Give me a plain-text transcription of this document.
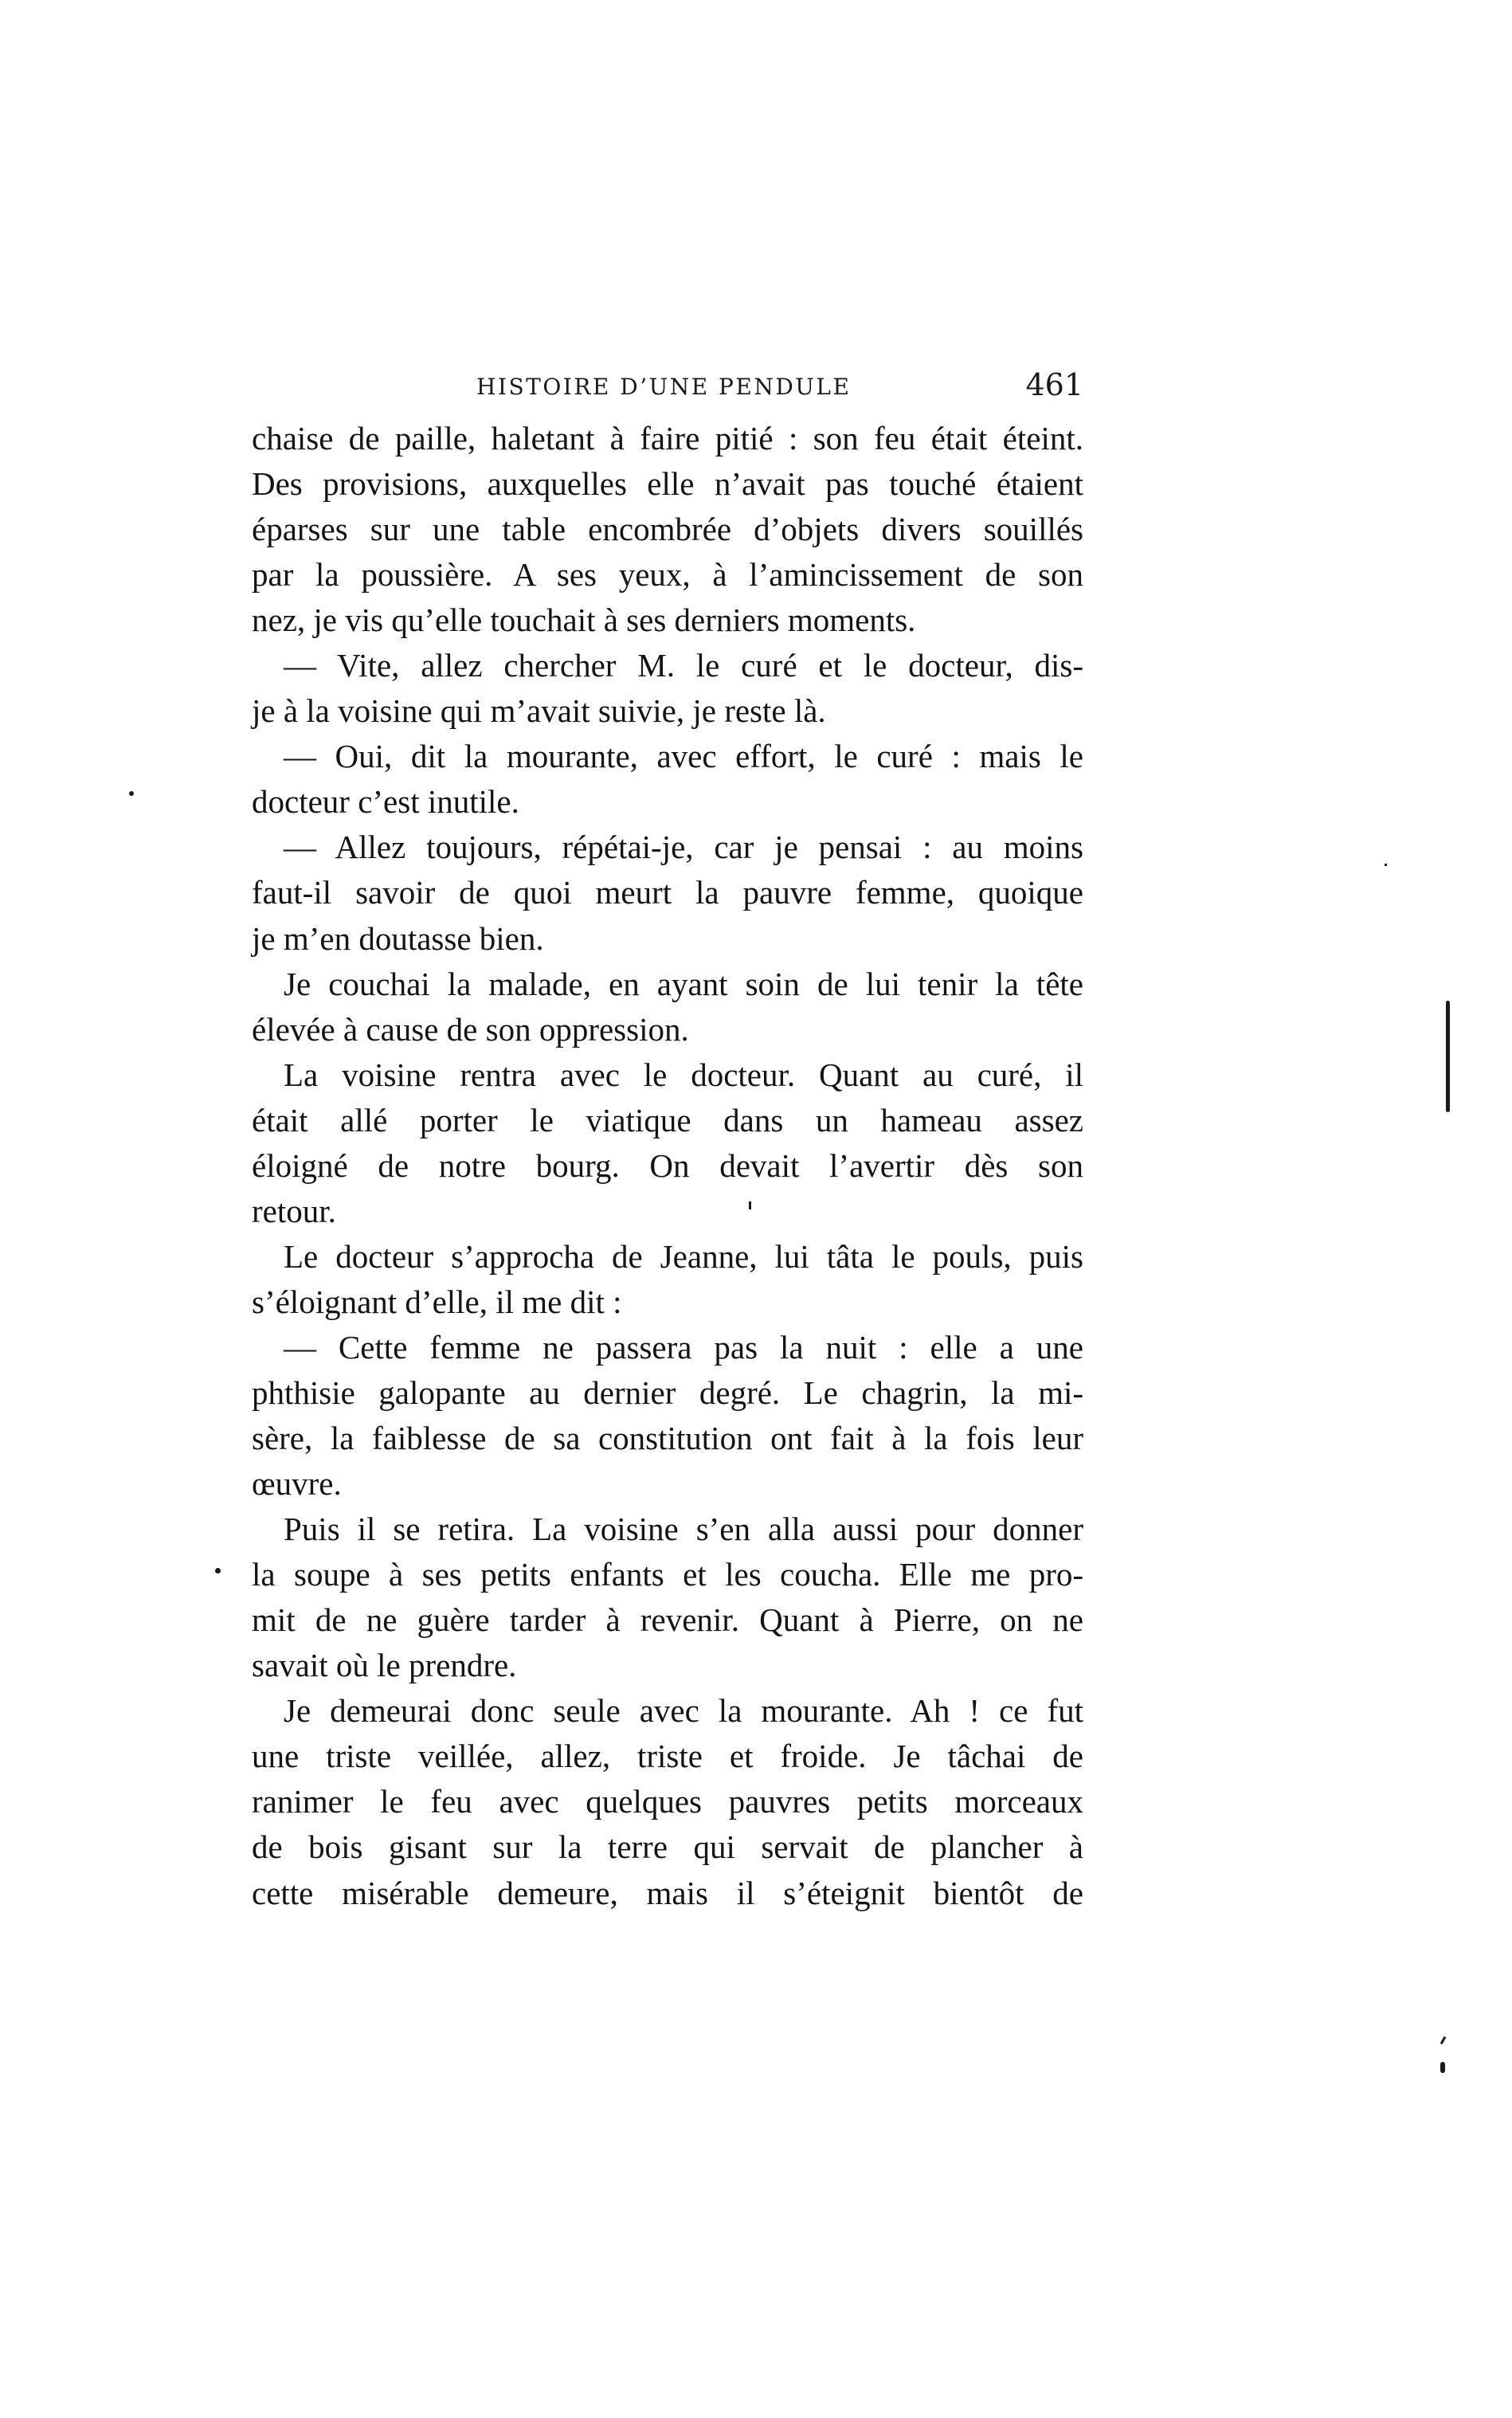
HISTOIRE D’UNE PENDULE	461
chaise de paille, haletant à faire pitié : son feu était éteint.
Des provisions, auxquelles elle n’avait pas touché étaient
éparses sur une table encombrée d’objets divers souillés
par la poussière. A ses yeux, à l’amincissement de son
nez, je vis qu’elle touchait à ses derniers moments.
— Vite, allez chercher M. le curé et le docteur, dis-
je à la voisine qui m’avait suivie, je reste là.
— Oui, dit la mourante, avec effort, le curé : mais le
docteur c’est inutile.
— Allez toujours, répétai-je, car je pensai : au moins
faut-il savoir de quoi meurt la pauvre femme, quoique
je m’en doutasse bien.
Je couchai la malade, en ayant soin de lui tenir la tête
élevée à cause de son oppression.
La voisine rentra avec le docteur. Quant au curé, il
était allé porter le viatique dans un hameau assez
éloigné de notre bourg. On devait l’avertir dès son
retour.
Le docteur s’approcha de Jeanne, lui tâta le pouls, puis
s’éloignant d’elle, il me dit :
— Cette femme ne passera pas la nuit : elle a une
phthisie galopante au dernier degré. Le chagrin, la mi-
sère, la faiblesse de sa constitution ont fait à la fois leur
œuvre.
Puis il se retira. La voisine s’en alla aussi pour donner
la soupe à ses petits enfants et les coucha. Elle me pro-
mit de ne guère tarder à revenir. Quant à Pierre, on ne
savait où le prendre.
Je demeurai donc seule avec la mourante. Ah ! ce fut
une triste veillée, allez, triste et froide. Je tâchai de
ranimer le feu avec quelques pauvres petits morceaux
de bois gisant sur la terre qui servait de plancher à
cette misérable demeure, mais il s’éteignit bientôt de
